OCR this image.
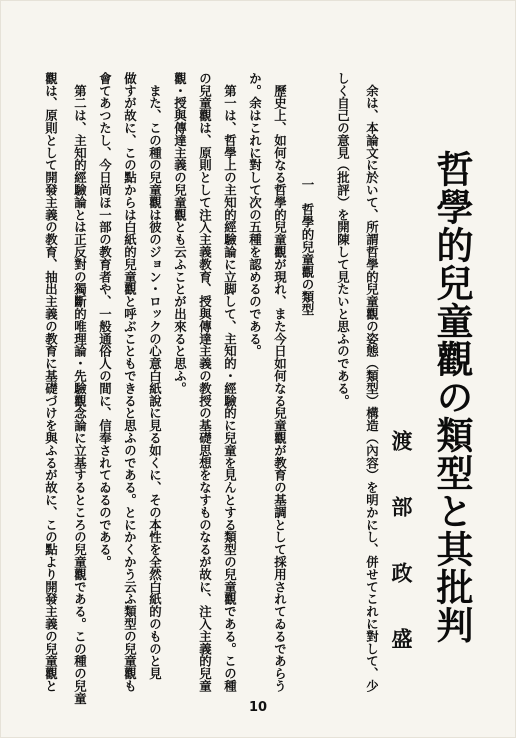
哲學的兒童觀の類型と其批判
渡　部　政　盛
　余は、本論文に於いて、所謂哲學的兒童觀の姿態（類型）構造（內容）を明かにし、併せてこれに對して、少
しく自己の意見（批評）を開陳して見たいと思ふのである。
一　哲學的兒童觀の類型
　歷史上、如何なる哲學的兒童觀が現れ、また今日如何なる兒童觀が教育の基調として採用されてゐるであらう
か。余はこれに對して次の五種を認めるのである。
　第一は、哲學上の主知的經驗論に立脚して、主知的・經驗的に兒童を見んとする類型の兒童觀である。この種
の兒童觀は、原則として注入主義教育、授與傳達主義の教授の基礎思想をなすものなるが故に、注入主義的兒童
觀・授與傳達主義の兒童觀とも云ふことが出來ると思ふ。
　また、この種の兒童觀は彼のジョン・ロックの心意白紙說に見る如くに、その本性を全然白紙的のものと見
做すが故に、この點からは白紙的兒童觀と呼ぶこともできると思ふのである。とにかくかう云ふ類型の兒童觀も
會てあつたし、今日尚ほ一部の教育者や、一般通俗人の間に、信奉されてゐるのである。
　第二は、主知的經驗論とは正反對の獨斷的唯理論・先驗觀念論に立基するところの兒童觀である。この種の兒童
觀は、原則として開發主義の教育、抽出主義の教育に基礎づけを與ふるが故に、この點より開發主義の兒童觀と
10
